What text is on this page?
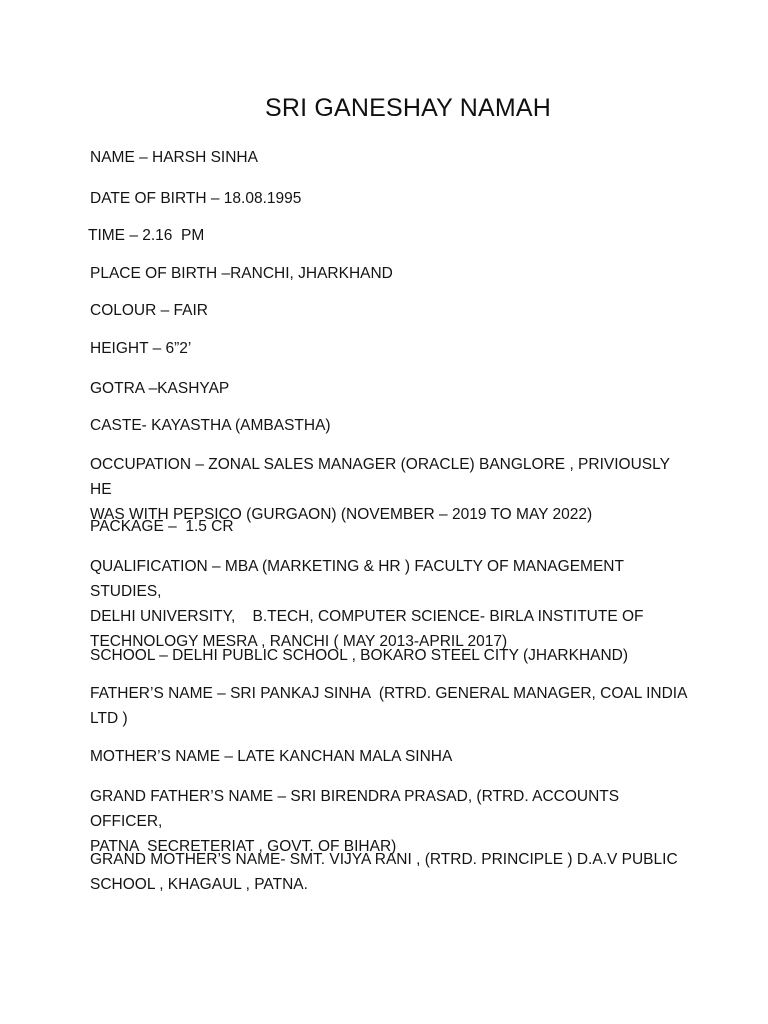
SRI GANESHAY NAMAH
NAME – HARSH SINHA
DATE OF BIRTH – 18.08.1995
TIME – 2.16  PM
PLACE OF BIRTH –RANCHI, JHARKHAND
COLOUR – FAIR
HEIGHT – 6”2’
GOTRA –KASHYAP
CASTE- KAYASTHA (AMBASTHA)
OCCUPATION – ZONAL SALES MANAGER (ORACLE) BANGLORE , PRIVIOUSLY HE
WAS WITH PEPSICO (GURGAON) (NOVEMBER – 2019 TO MAY 2022)
PACKAGE –  1.5 CR
QUALIFICATION – MBA (MARKETING & HR ) FACULTY OF MANAGEMENT STUDIES,
DELHI UNIVERSITY,    B.TECH, COMPUTER SCIENCE- BIRLA INSTITUTE OF
TECHNOLOGY MESRA , RANCHI ( MAY 2013-APRIL 2017)
SCHOOL – DELHI PUBLIC SCHOOL , BOKARO STEEL CITY (JHARKHAND)
FATHER’S NAME – SRI PANKAJ SINHA  (RTRD. GENERAL MANAGER, COAL INDIA
LTD )
MOTHER’S NAME – LATE KANCHAN MALA SINHA
GRAND FATHER’S NAME – SRI BIRENDRA PRASAD, (RTRD. ACCOUNTS OFFICER,
PATNA  SECRETERIAT , GOVT. OF BIHAR)
GRAND MOTHER’S NAME- SMT. VIJYA RANI , (RTRD. PRINCIPLE ) D.A.V PUBLIC
SCHOOL , KHAGAUL , PATNA.
